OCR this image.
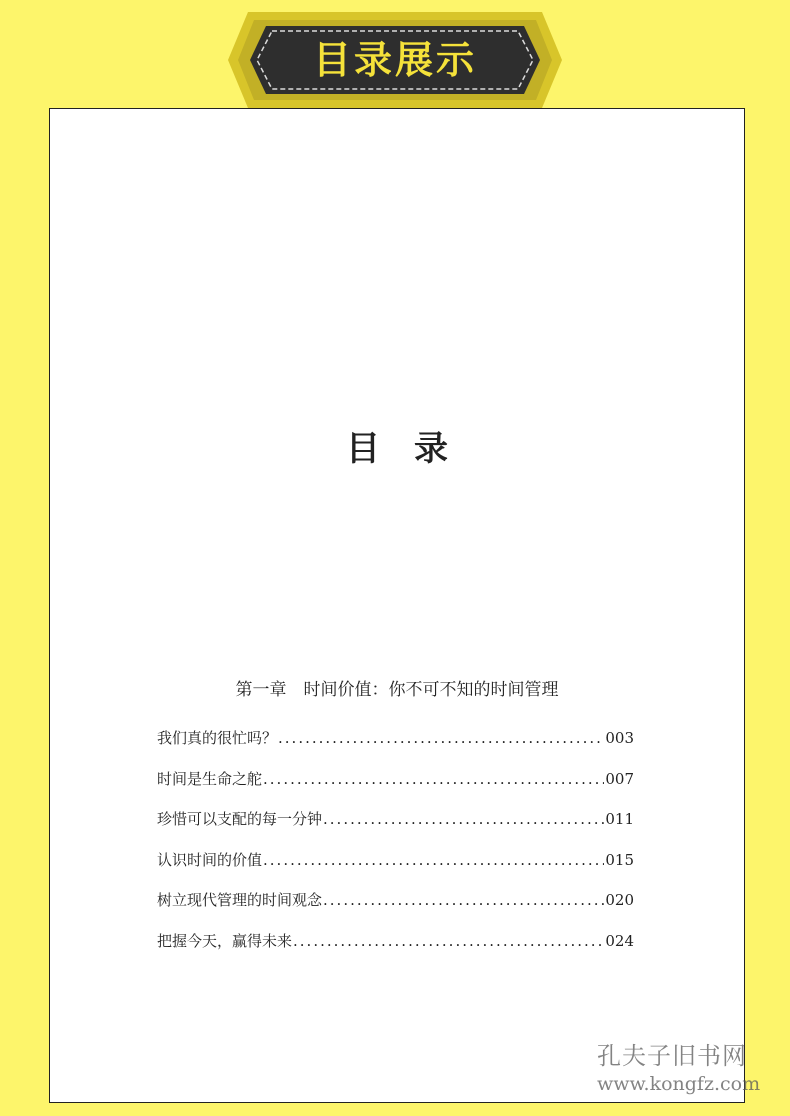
目录展示
目　录
第一章　时间价值：你不可不知的时间管理
我们真的很忙吗？ .....	003
时间是生命之舵 .....	007
珍惜可以支配的每一分钟 .....	011
认识时间的价值 .....	015
树立现代管理的时间观念 .....	020
把握今天，赢得未来 .....	024
孔夫子旧书网
www.kongfz.com
